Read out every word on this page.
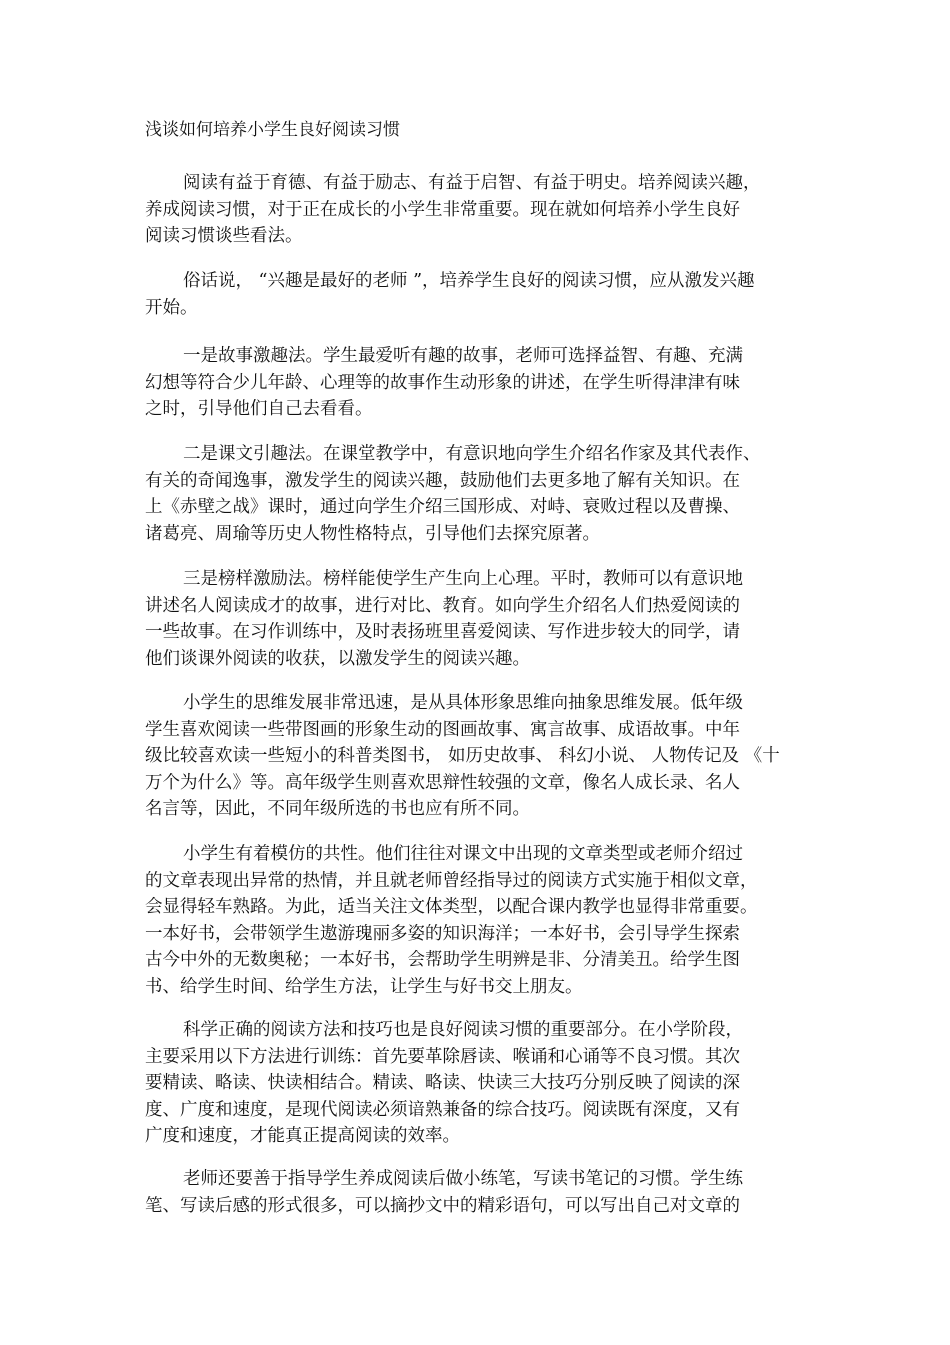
浅谈如何培养小学生良好阅读习惯

阅读有益于育德、有益于励志、有益于启智、有益于明史。培养阅读兴趣，
养成阅读习惯，对于正在成长的小学生非常重要。现在就如何培养小学生良好
阅读习惯谈些看法。

俗话说， “兴趣是最好的老师 ”，培养学生良好的阅读习惯，应从激发兴趣
开始。

一是故事激趣法。学生最爱听有趣的故事，老师可选择益智、有趣、充满
幻想等符合少儿年龄、心理等的故事作生动形象的讲述，在学生听得津津有味
之时，引导他们自己去看看。

二是课文引趣法。在课堂教学中，有意识地向学生介绍名作家及其代表作、
有关的奇闻逸事，激发学生的阅读兴趣，鼓励他们去更多地了解有关知识。在
上《赤壁之战》课时，通过向学生介绍三国形成、对峙、衰败过程以及曹操、
诸葛亮、周瑜等历史人物性格特点，引导他们去探究原著。

三是榜样激励法。榜样能使学生产生向上心理。平时，教师可以有意识地
讲述名人阅读成才的故事，进行对比、教育。如向学生介绍名人们热爱阅读的
一些故事。在习作训练中，及时表扬班里喜爱阅读、写作进步较大的同学，请
他们谈课外阅读的收获，以激发学生的阅读兴趣。

小学生的思维发展非常迅速，是从具体形象思维向抽象思维发展。低年级
学生喜欢阅读一些带图画的形象生动的图画故事、寓言故事、成语故事。中年
级比较喜欢读一些短小的科普类图书， 如历史故事、 科幻小说、 人物传记及 《十
万个为什么》等。高年级学生则喜欢思辩性较强的文章，像名人成长录、名人
名言等，因此，不同年级所选的书也应有所不同。

小学生有着模仿的共性。他们往往对课文中出现的文章类型或老师介绍过
的文章表现出异常的热情，并且就老师曾经指导过的阅读方式实施于相似文章，
会显得轻车熟路。为此，适当关注文体类型，以配合课内教学也显得非常重要。
一本好书，会带领学生遨游瑰丽多姿的知识海洋；一本好书，会引导学生探索
古今中外的无数奥秘；一本好书，会帮助学生明辨是非、分清美丑。给学生图
书、给学生时间、给学生方法，让学生与好书交上朋友。

科学正确的阅读方法和技巧也是良好阅读习惯的重要部分。在小学阶段，
主要采用以下方法进行训练：首先要革除唇读、喉诵和心诵等不良习惯。其次
要精读、略读、快读相结合。精读、略读、快读三大技巧分别反映了阅读的深
度、广度和速度，是现代阅读必须谙熟兼备的综合技巧。阅读既有深度，又有
广度和速度，才能真正提高阅读的效率。

老师还要善于指导学生养成阅读后做小练笔，写读书笔记的习惯。学生练
笔、写读后感的形式很多，可以摘抄文中的精彩语句，可以写出自己对文章的
